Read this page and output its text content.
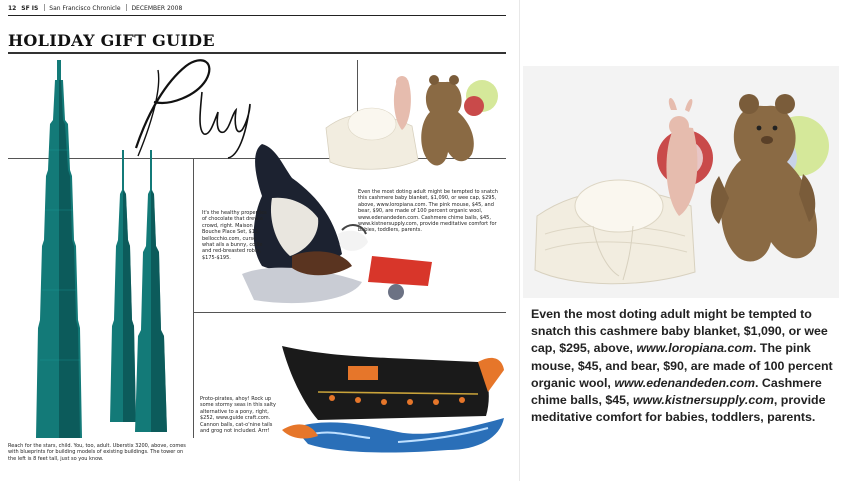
12 SF IS San Francisco Chronicle DECEMBER 2008
HOLIDAY GIFT GUIDE
Play
Reach for the stars, child. You, too, adult. Uberstix 3200, above, comes with blueprints for building models of existing buildings. The tower on the left is 8 feet tall, just so you know.
Even the most doting adult might be tempted to snatch this cashmere baby blanket, $1,090, or wee cap, $295, above, www.loropiana.com. The pink mouse, $45, and bear, $90, are made of 100 percent organic wool, www.edenandeden.com. Cashmere chime balls, $45, www.kistnersupply.com, provide meditative comfort for babies, toddlers, parents.
It's the healthy properties of chocolate that drew a crowd, right. Maison Bouche Place Set, $12, bellocchio.com, curse what ails a bunny, collie and red-breasted robin, $175-$195.
Proto-pirates, ahoy! Rock up some stormy seas in this salty alternative to a pony, right, $252, www.guide craft.com. Cannon balls, cat-o'nine tails and grog not included. Arrr!
Even the most doting adult might be tempted to snatch this cashmere baby blanket, $1,090, or wee cap, $295, above, www.loropiana.com. The pink mouse, $45, and bear, $90, are made of 100 percent organic wool, www.edenandeden.com. Cashmere chime balls, $45, www.kistnersupply.com, provide meditative comfort for babies, toddlers, parents.
